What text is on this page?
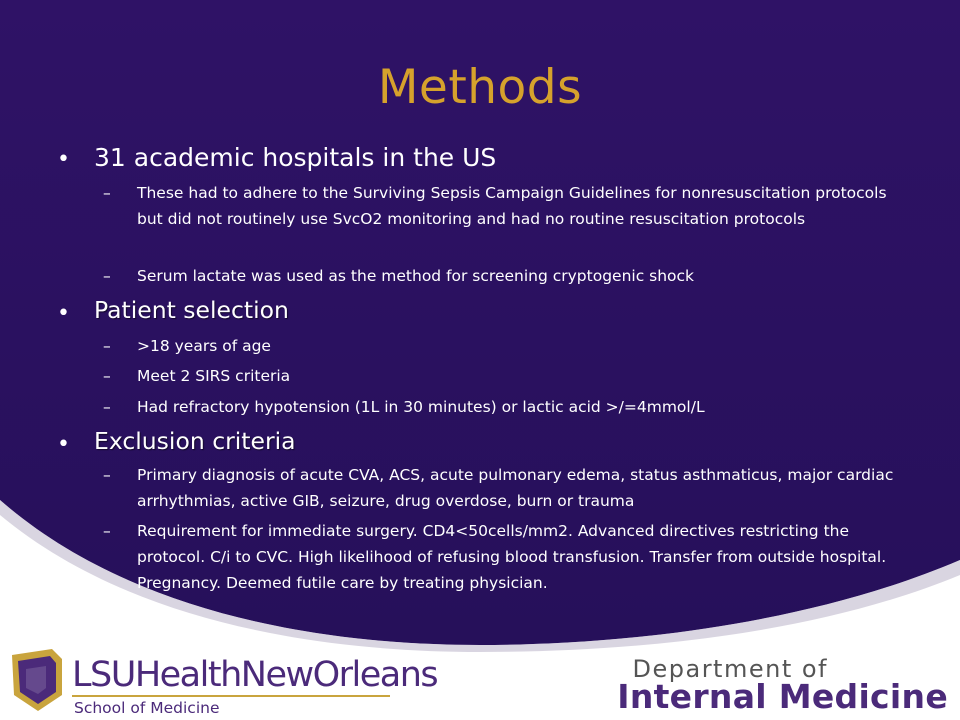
Methods
• 31 academic hospitals in the US
– These had to adhere to the Surviving Sepsis Campaign Guidelines for nonresuscitation protocols but did not routinely use SvcO2 monitoring and had no routine resuscitation protocols
– Serum lactate was used as the method for screening cryptogenic shock
• Patient selection
– >18 years of age
– Meet 2 SIRS criteria
– Had refractory hypotension (1L in 30 minutes) or lactic acid >/=4mmol/L
• Exclusion criteria
– Primary diagnosis of acute CVA, ACS, acute pulmonary edema, status asthmaticus, major cardiac arrhythmias, active GIB, seizure, drug overdose, burn or trauma
– Requirement for immediate surgery. CD4<50cells/mm2. Advanced directives restricting the protocol. C/i to CVC. High likelihood of refusing blood transfusion. Transfer from outside hospital. Pregnancy. Deemed futile care by treating physician.
LSUHealthNewOrleans
School of Medicine
Department of
Internal Medicine
